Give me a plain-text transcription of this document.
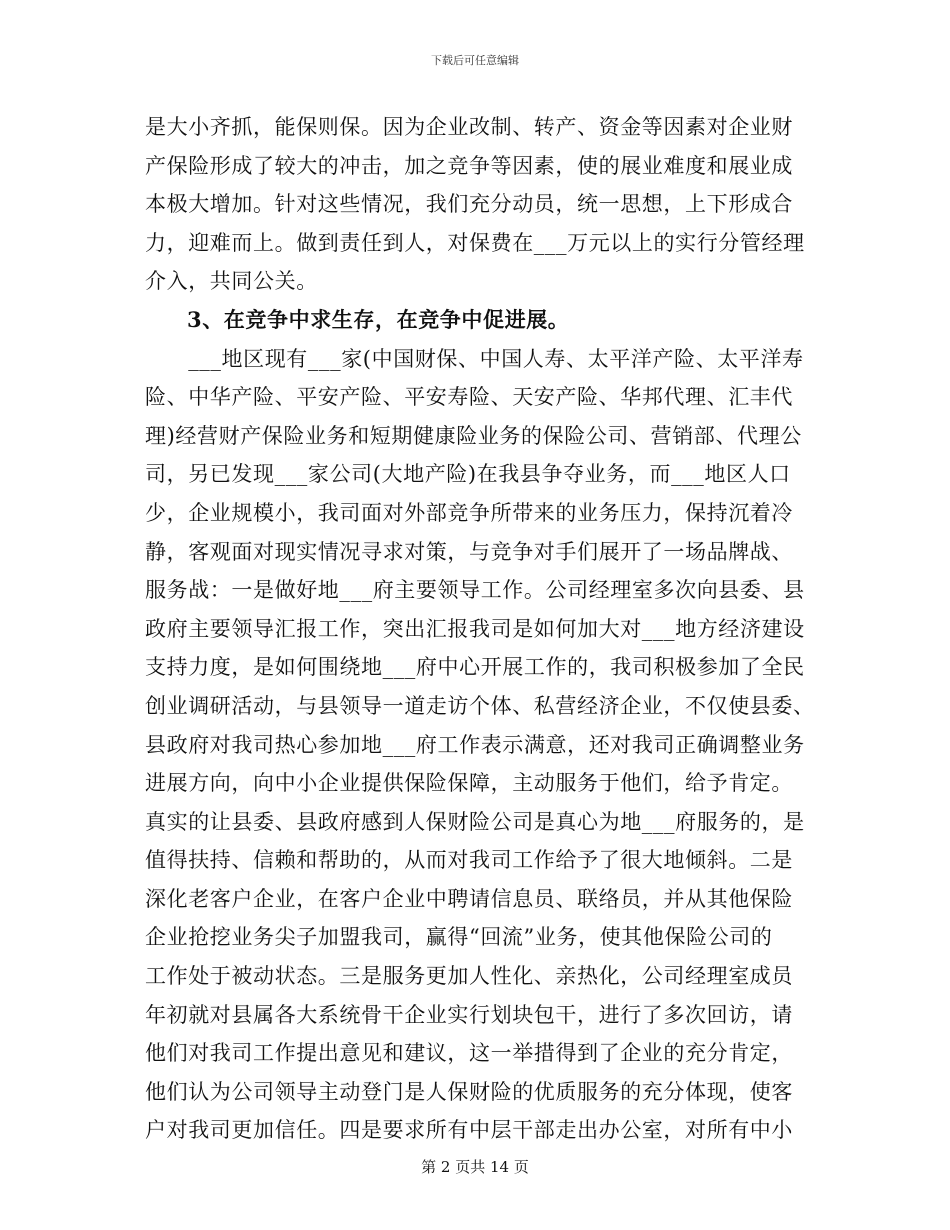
下载后可任意编辑
是大小齐抓，能保则保。因为企业改制、转产、资金等因素对企业财
产保险形成了较大的冲击，加之竞争等因素，使的展业难度和展业成
本极大增加。针对这些情况，我们充分动员，统一思想，上下形成合
力，迎难而上。做到责任到人，对保费在___万元以上的实行分管经理
介入，共同公关。
3、在竞争中求生存，在竞争中促进展。
　　___地区现有___家(中国财保、中国人寿、太平洋产险、太平洋寿
险、中华产险、平安产险、平安寿险、天安产险、华邦代理、汇丰代
理)经营财产保险业务和短期健康险业务的保险公司、营销部、代理公
司，另已发现___家公司(大地产险)在我县争夺业务，而___地区人口
少，企业规模小，我司面对外部竞争所带来的业务压力，保持沉着冷
静，客观面对现实情况寻求对策，与竞争对手们展开了一场品牌战、
服务战：一是做好地___府主要领导工作。公司经理室多次向县委、县
政府主要领导汇报工作，突出汇报我司是如何加大对___地方经济建设
支持力度，是如何围绕地___府中心开展工作的，我司积极参加了全民
创业调研活动，与县领导一道走访个体、私营经济企业，不仅使县委、
县政府对我司热心参加地___府工作表示满意，还对我司正确调整业务
进展方向，向中小企业提供保险保障，主动服务于他们，给予肯定。
真实的让县委、县政府感到人保财险公司是真心为地___府服务的，是
值得扶持、信赖和帮助的，从而对我司工作给予了很大地倾斜。二是
深化老客户企业，在客户企业中聘请信息员、联络员，并从其他保险
企业抢挖业务尖子加盟我司，赢得“回流”业务，使其他保险公司的
工作处于被动状态。三是服务更加人性化、亲热化，公司经理室成员
年初就对县属各大系统骨干企业实行划块包干，进行了多次回访，请
他们对我司工作提出意见和建议，这一举措得到了企业的充分肯定，
他们认为公司领导主动登门是人保财险的优质服务的充分体现，使客
户对我司更加信任。四是要求所有中层干部走出办公室，对所有中小
第 2 页共 14 页
